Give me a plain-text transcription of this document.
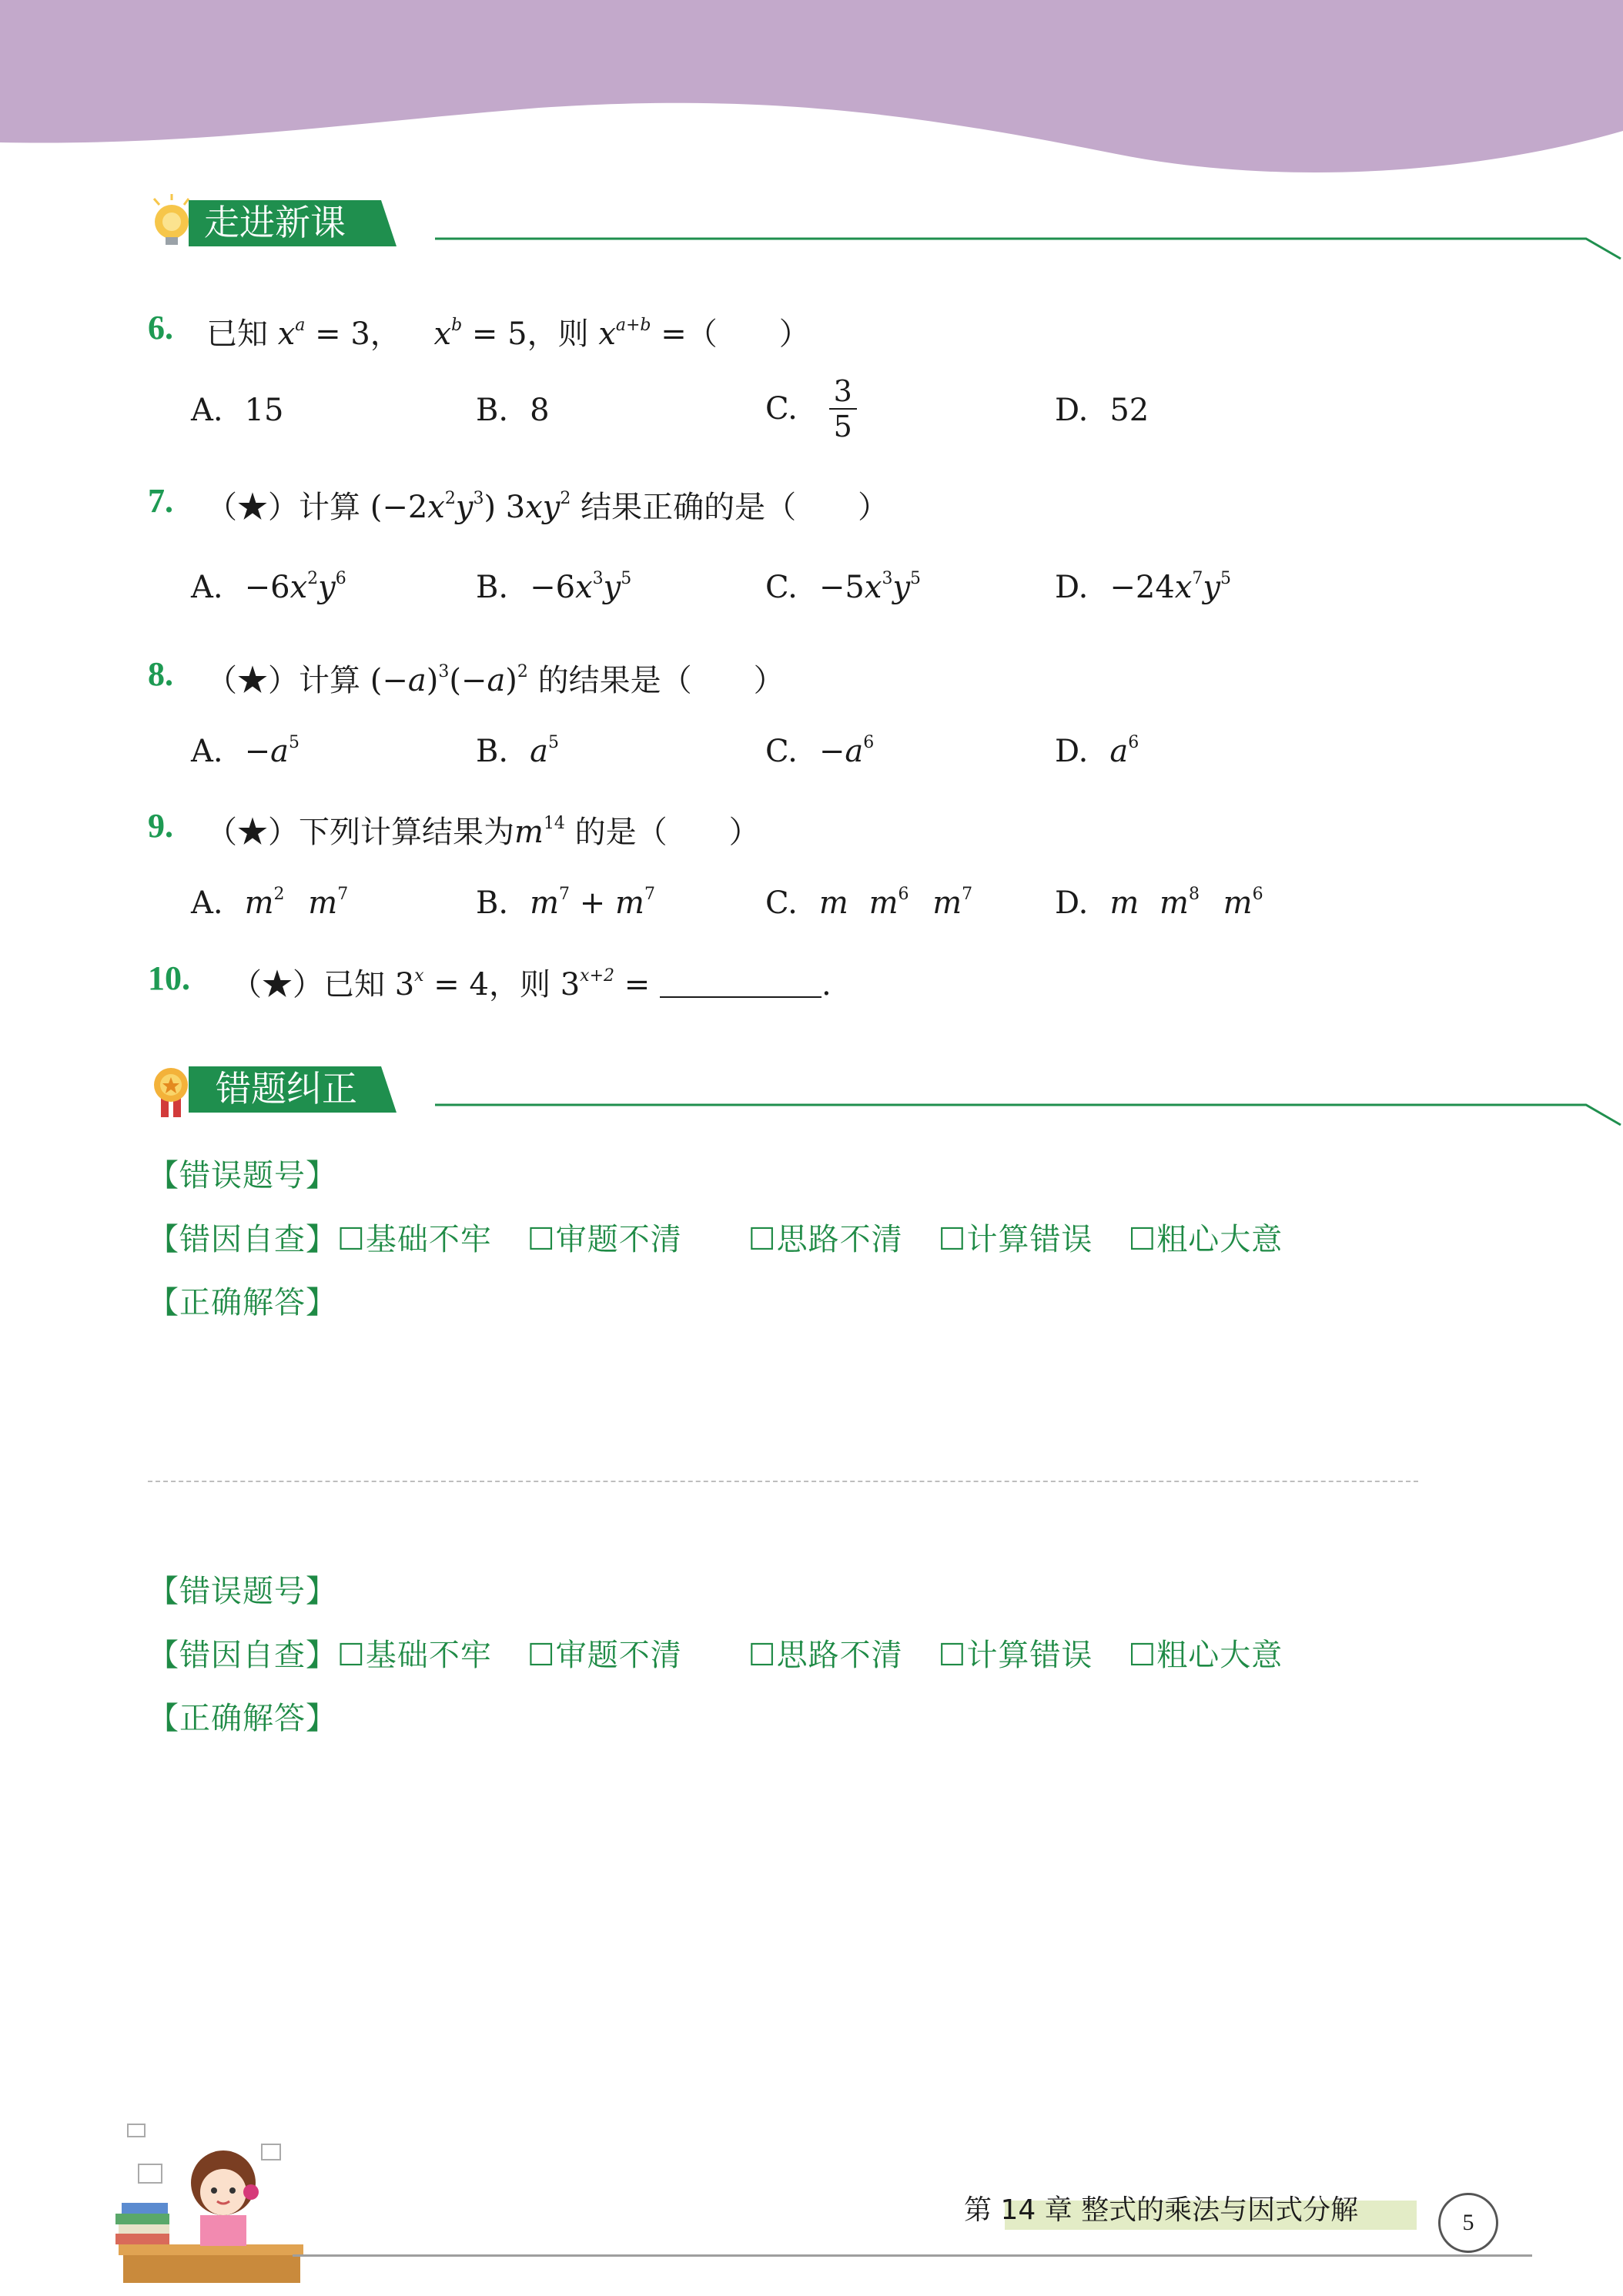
走进新课
6. 已知 $x^a = 3$， $x^b = 5$，则 $x^{a+b}$ =（　　）
A. 15	B. 8	C. $\frac{3}{5}$	D. 52
7. （★）计算 $(-2x^2y^3)$ $3xy^2$ 结果正确的是（　　）
A. $-6x^2y^6$	B. $-6x^3y^5$	C. $-5x^3y^5$	D. $-24x^7y^5$
8. （★）计算 $(-a)^3(-a)^2$ 的结果是（　　）
A. $-a^5$	B. $a^5$	C. $-a^6$	D. $a^6$
9. （★）下列计算结果为$m^{14}$ 的是（　　）
A. $m^2$ $m^7$	B. $m^7 + m^7$	C. m $m^6$ $m^7$	D. m $m^8$ $m^6$
10. （★）已知 $3^x = 4$，则 $3^{x+2}$ =	.
错题纠正
【错误题号】
【错因自查】☐基础不牢 ☐审题不清 ☐思路不清 ☐计算错误 ☐粗心大意
【正确解答】
【错误题号】
【错因自查】☐基础不牢 ☐审题不清 ☐思路不清 ☐计算错误 ☐粗心大意
【正确解答】
第 14 章 整式的乘法与因式分解	5
